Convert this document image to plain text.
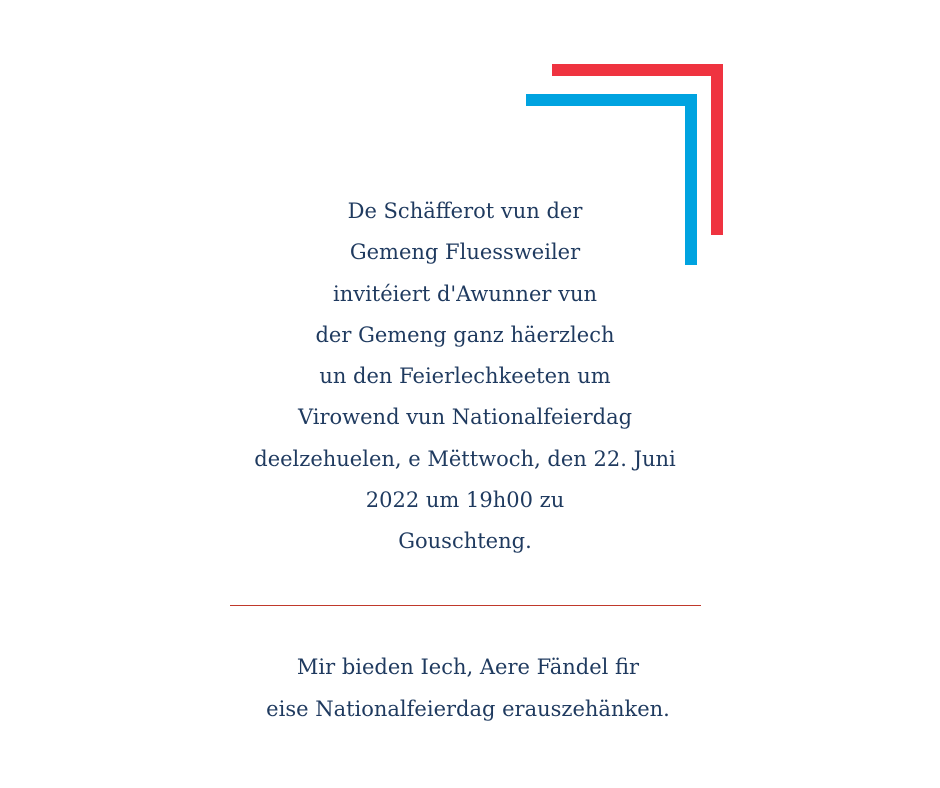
De Schäfferot vun der
Gemeng Fluessweiler
invitéiert d'Awunner vun
der Gemeng ganz häerzlech
un den Feierlechkeeten um
Virowend vun Nationalfeierdag
deelzehuelen, e Mëttwoch, den 22. Juni
2022 um 19h00 zu
Gouschteng.
Mir bieden Iech, Aere Fändel fir
eise Nationalfeierdag erauszehänken.
